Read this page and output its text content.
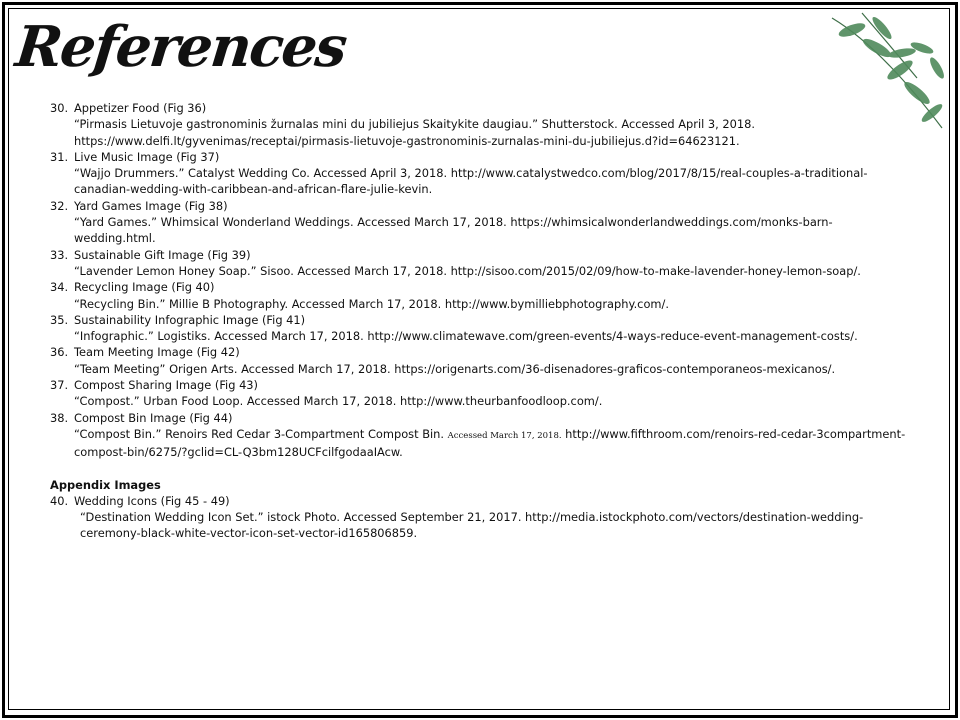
References
30. Appetizer Food (Fig 36)
“Pirmasis Lietuvoje gastronominis žurnalas mini du jubiliejus Skaitykite daugiau.” Shutterstock. Accessed April 3, 2018. https://www.delfi.lt/gyvenimas/receptai/pirmasis-lietuvoje-gastronominis-zurnalas-mini-du-jubiliejus.d?id=64623121.
31. Live Music Image (Fig 37)
“Wajjo Drummers.” Catalyst Wedding Co. Accessed April 3, 2018. http://www.catalystwedco.com/blog/2017/8/15/real-couples-a-traditional-canadian-wedding-with-caribbean-and-african-flare-julie-kevin.
32. Yard Games Image (Fig 38)
“Yard Games.” Whimsical Wonderland Weddings. Accessed March 17, 2018. https://whimsicalwonderlandweddings.com/monks-barn-wedding.html.
33. Sustainable Gift Image (Fig 39)
“Lavender Lemon Honey Soap.” Sisoo. Accessed March 17, 2018. http://sisoo.com/2015/02/09/how-to-make-lavender-honey-lemon-soap/.
34. Recycling Image (Fig 40)
“Recycling Bin.” Millie B Photography. Accessed March 17, 2018. http://www.bymilliebphotography.com/.
35. Sustainability Infographic Image (Fig 41)
“Infographic.” Logistiks. Accessed March 17, 2018. http://www.climatewave.com/green-events/4-ways-reduce-event-management-costs/.
36. Team Meeting Image (Fig 42)
“Team Meeting” Origen Arts. Accessed March 17, 2018. https://origenarts.com/36-disenadores-graficos-contemporaneos-mexicanos/.
37. Compost Sharing Image (Fig 43)
“Compost.” Urban Food Loop. Accessed March 17, 2018. http://www.theurbanfoodloop.com/.
38. Compost Bin Image (Fig 44)
“Compost Bin.” Renoirs Red Cedar 3-Compartment Compost Bin. Accessed March 17, 2018. http://www.fifthroom.com/renoirs-red-cedar-3compartment-compost-bin/6275/?gclid=CL-Q3bm128UCFcilfgodaaIAcw.
Appendix Images
40. Wedding Icons (Fig 45 - 49)
“Destination Wedding Icon Set.” istock Photo. Accessed September 21, 2017. http://media.istockphoto.com/vectors/destination-wedding-ceremony-black-white-vector-icon-set-vector-id165806859.
